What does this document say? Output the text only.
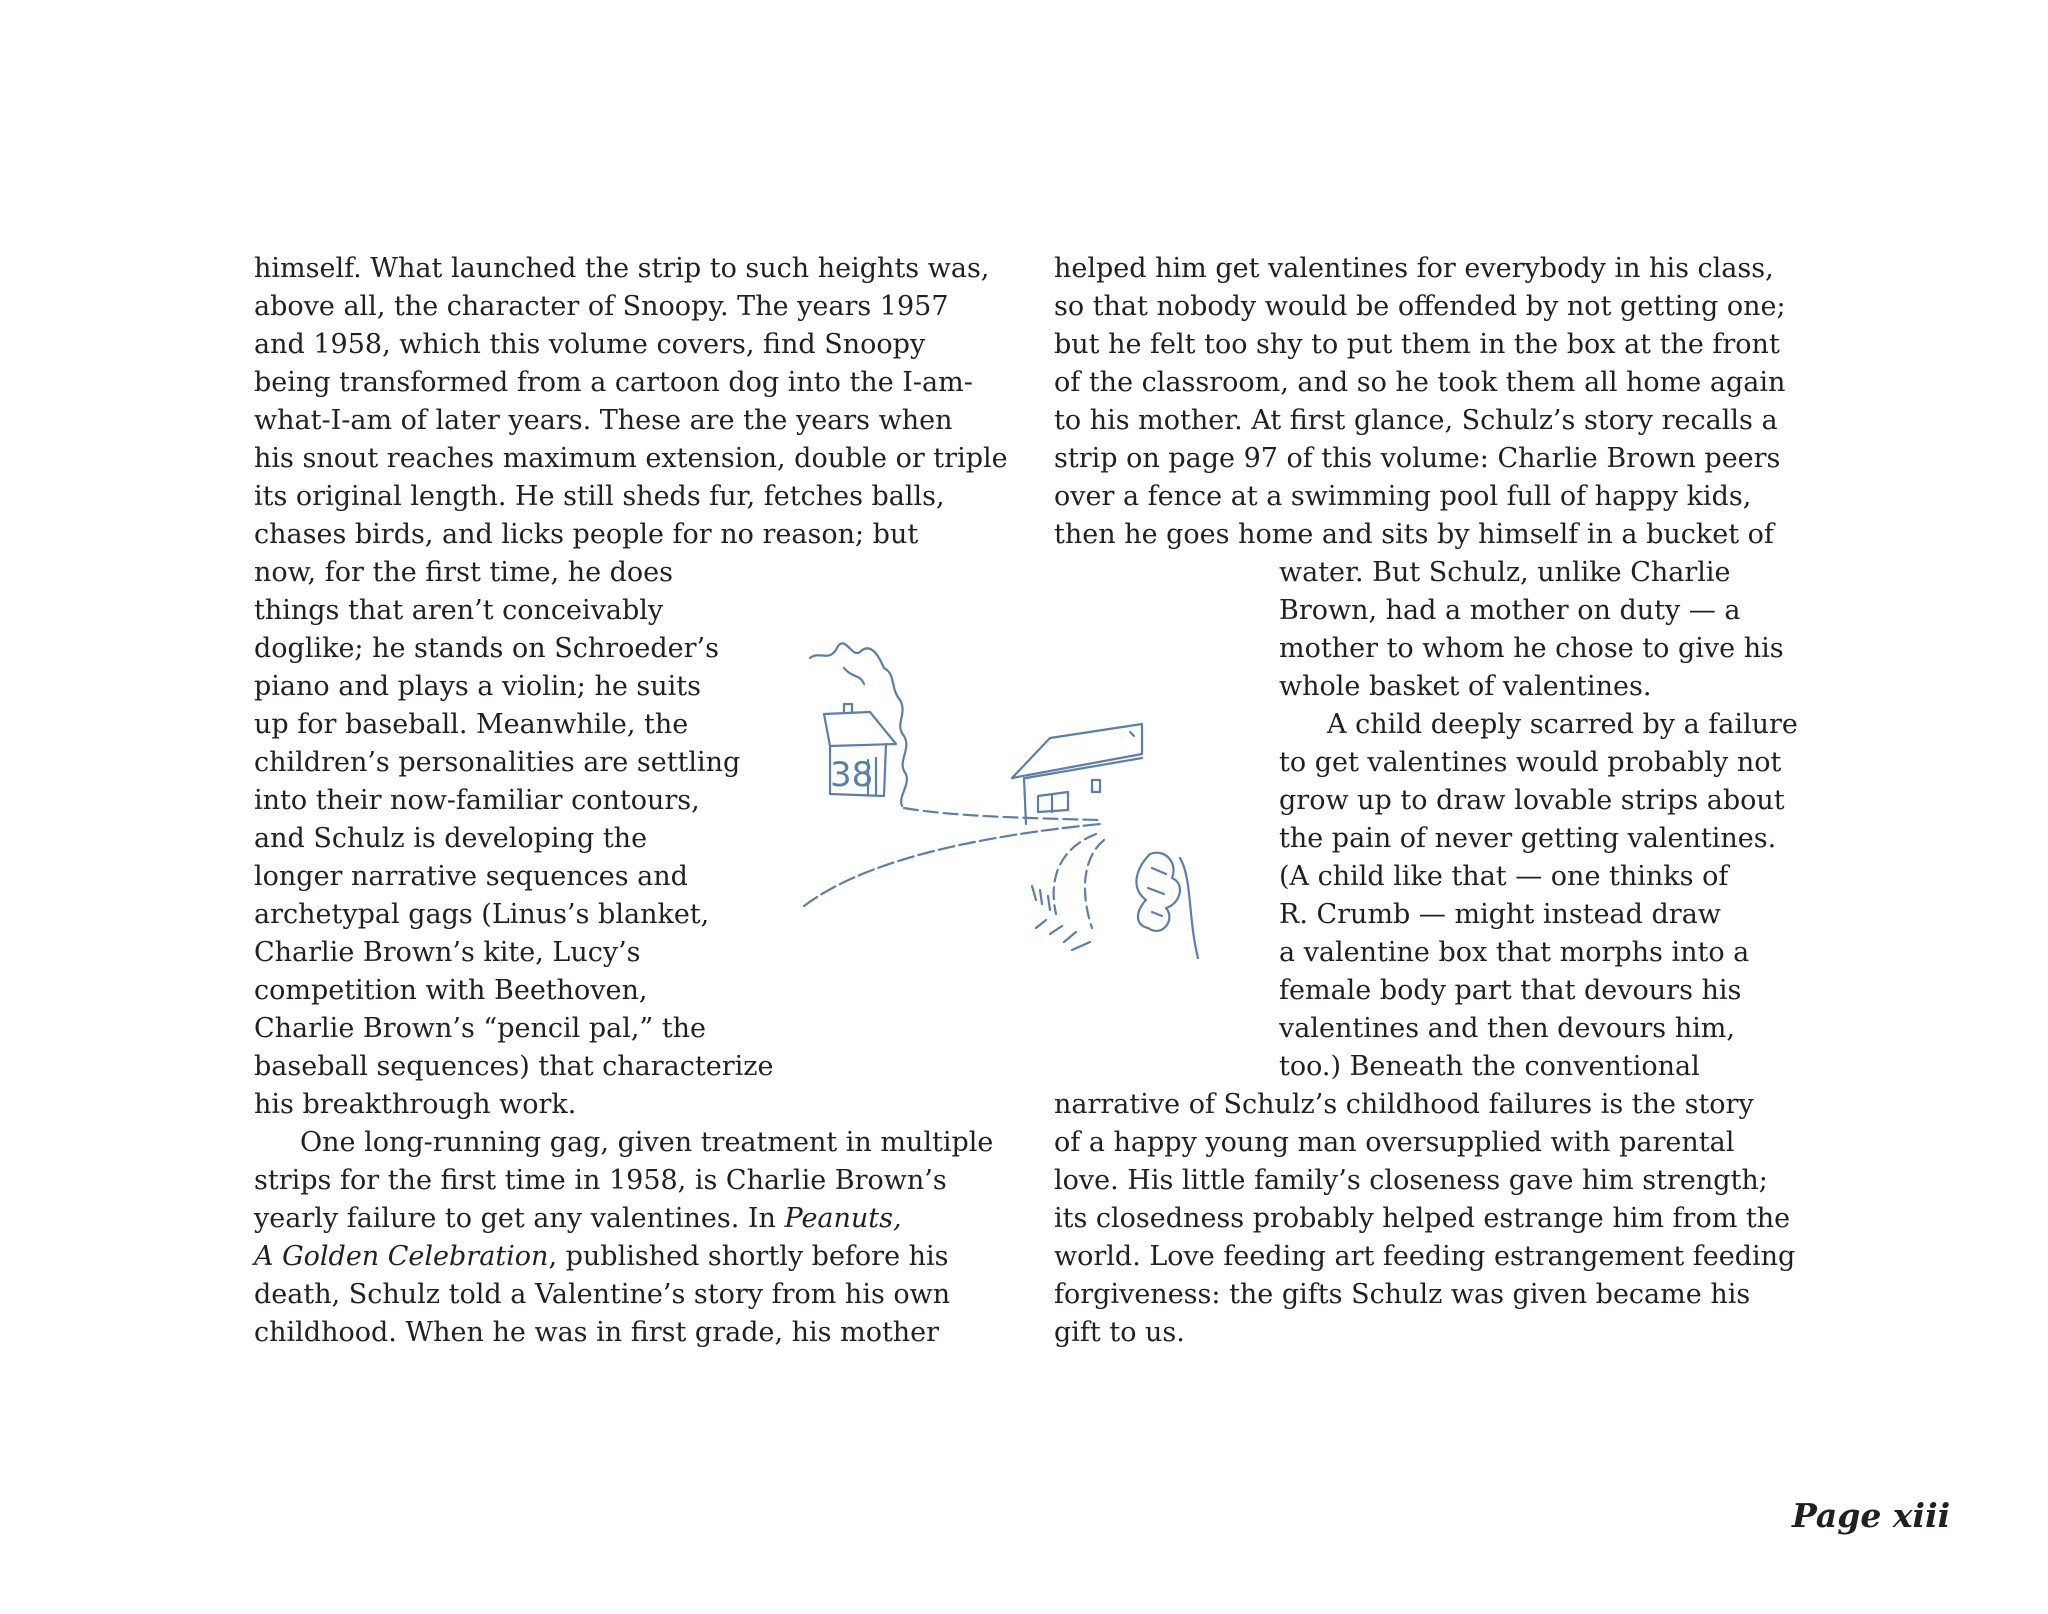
himself. What launched the strip to such heights was,
above all, the character of Snoopy. The years 1957
and 1958, which this volume covers, find Snoopy
being transformed from a cartoon dog into the I-am-
what-I-am of later years. These are the years when
his snout reaches maximum extension, double or triple
its original length. He still sheds fur, fetches balls,
chases birds, and licks people for no reason; but
now, for the first time, he does
things that aren’t conceivably
doglike; he stands on Schroeder’s
piano and plays a violin; he suits
up for baseball. Meanwhile, the
children’s personalities are settling
into their now-familiar contours,
and Schulz is developing the
longer narrative sequences and
archetypal gags (Linus’s blanket,
Charlie Brown’s kite, Lucy’s
competition with Beethoven,
Charlie Brown’s “pencil pal,” the
baseball sequences) that characterize
his breakthrough work.
One long-running gag, given treatment in multiple
strips for the first time in 1958, is Charlie Brown’s
yearly failure to get any valentines. In Peanuts,
A Golden Celebration, published shortly before his
death, Schulz told a Valentine’s story from his own
childhood. When he was in first grade, his mother
helped him get valentines for everybody in his class,
so that nobody would be offended by not getting one;
but he felt too shy to put them in the box at the front
of the classroom, and so he took them all home again
to his mother. At first glance, Schulz’s story recalls a
strip on page 97 of this volume: Charlie Brown peers
over a fence at a swimming pool full of happy kids,
then he goes home and sits by himself in a bucket of
water. But Schulz, unlike Charlie
Brown, had a mother on duty — a
mother to whom he chose to give his
whole basket of valentines.
A child deeply scarred by a failure
to get valentines would probably not
grow up to draw lovable strips about
the pain of never getting valentines.
(A child like that — one thinks of
R. Crumb — might instead draw
a valentine box that morphs into a
female body part that devours his
valentines and then devours him,
too.) Beneath the conventional
narrative of Schulz’s childhood failures is the story
of a happy young man oversupplied with parental
love. His little family’s closeness gave him strength;
its closedness probably helped estrange him from the
world. Love feeding art feeding estrangement feeding
forgiveness: the gifts Schulz was given became his
gift to us.
38
Page xiii
